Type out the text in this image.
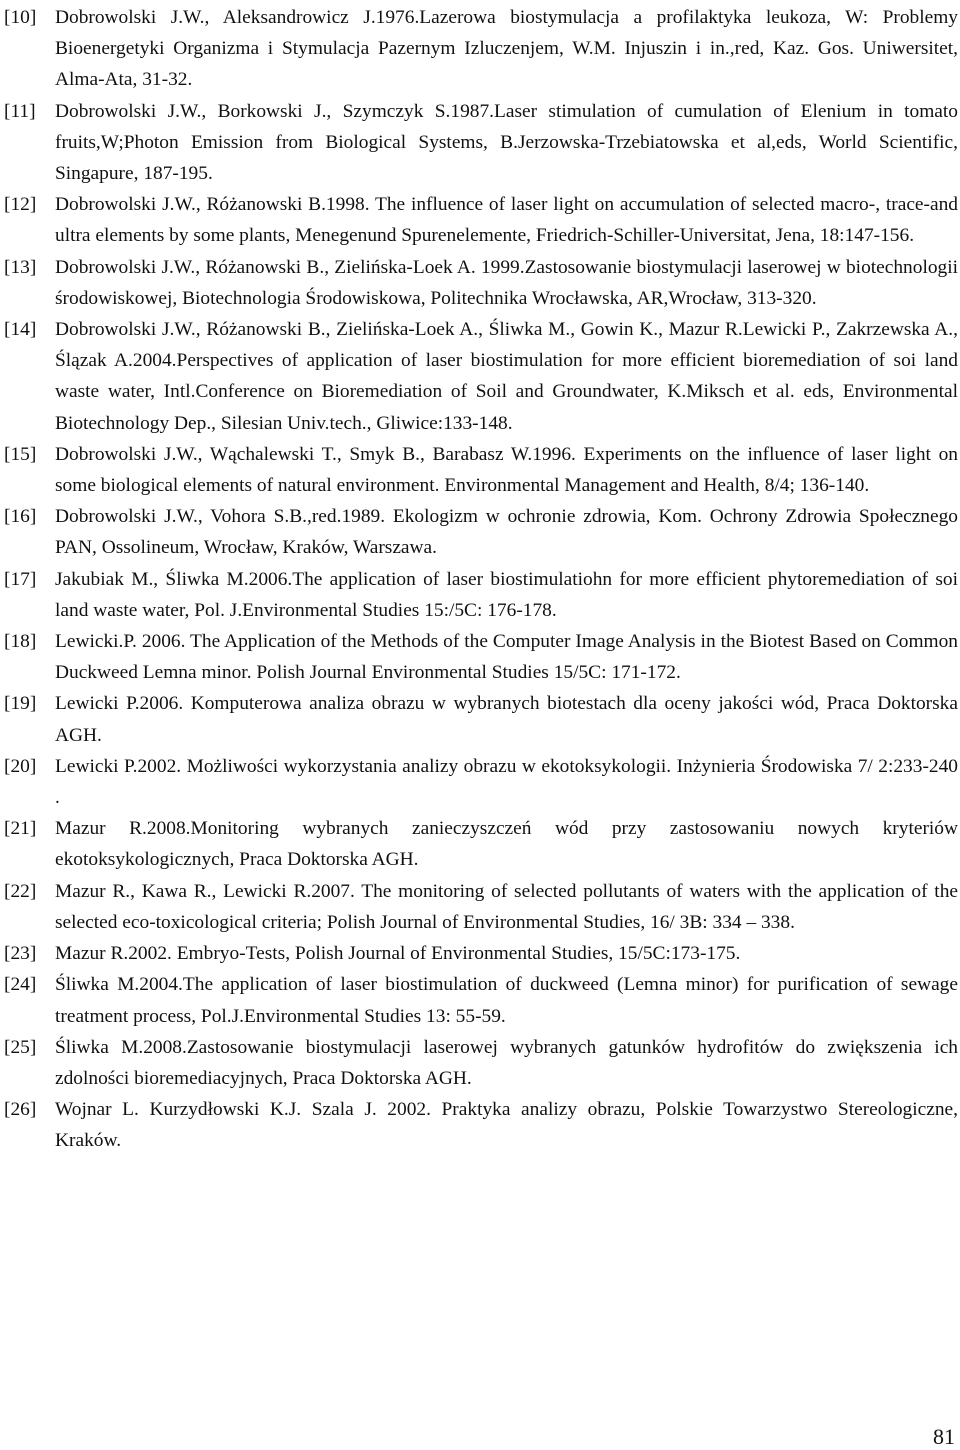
[10] Dobrowolski J.W., Aleksandrowicz J.1976.Lazerowa biostymulacja a profilaktyka leukoza, W: Problemy Bioenergetyki Organizma i Stymulacja Pazernym Izluczenjem, W.M. Injuszin i in.,red, Kaz. Gos. Uniwersitet, Alma-Ata, 31-32.

[11] Dobrowolski J.W., Borkowski J., Szymczyk S.1987.Laser stimulation of cumulation of Elenium in tomato fruits,W;Photon Emission from Biological Systems, B.Jerzowska-Trzebiatowska et al,eds, World Scientific, Singapure, 187-195.

[12] Dobrowolski J.W., Różanowski B.1998. The influence of laser light on accumulation of selected macro-, trace-and ultra elements by some plants, Menegenund Spurenelemente, Friedrich-Schiller-Universitat, Jena, 18:147-156.

[13] Dobrowolski J.W., Różanowski B., Zielińska-Loek A. 1999.Zastosowanie biostymulacji laserowej w biotechnologii środowiskowej, Biotechnologia Środowiskowa, Politechnika Wrocławska, AR,Wrocław, 313-320.

[14] Dobrowolski J.W., Różanowski B., Zielińska-Loek A., Śliwka M., Gowin K., Mazur R.Lewicki P., Zakrzewska A., Ślązak A.2004.Perspectives of application of laser biostimulation for more efficient bioremediation of soi land waste water, Intl.Conference on Bioremediation of Soil and Groundwater, K.Miksch et al. eds, Environmental Biotechnology Dep., Silesian Univ.tech., Gliwice:133-148.

[15] Dobrowolski J.W., Wąchalewski T., Smyk B., Barabasz W.1996. Experiments on the influence of laser light on some biological elements of natural environment. Environmental Management and Health, 8/4; 136-140.

[16] Dobrowolski J.W., Vohora S.B.,red.1989. Ekologizm w ochronie zdrowia, Kom. Ochrony Zdrowia Społecznego PAN, Ossolineum, Wrocław, Kraków, Warszawa.

[17] Jakubiak M., Śliwka M.2006.The application of laser biostimulatiohn for more efficient phytoremediation of soi land waste water, Pol. J.Environmental Studies 15:/5C: 176-178.

[18] Lewicki.P. 2006. The Application of the Methods of the Computer Image Analysis in the Biotest Based on Common Duckweed Lemna minor. Polish Journal Environmental Studies 15/5C: 171-172.

[19] Lewicki P.2006. Komputerowa analiza obrazu w wybranych biotestach dla oceny jakości wód, Praca Doktorska AGH.

[20] Lewicki P.2002. Możliwości wykorzystania analizy obrazu w ekotoksykologii. Inżynieria Środowiska 7/ 2:233-240 .

[21] Mazur R.2008.Monitoring wybranych zanieczyszczeń wód przy zastosowaniu nowych kryteriów ekotoksykologicznych, Praca Doktorska AGH.

[22] Mazur R., Kawa R., Lewicki R.2007. The monitoring of selected pollutants of waters with the application of the selected eco-toxicological criteria; Polish Journal of Environmental Studies, 16/ 3B: 334 – 338.

[23] Mazur R.2002. Embryo-Tests, Polish Journal of Environmental Studies, 15/5C:173-175.

[24] Śliwka M.2004.The application of laser biostimulation of duckweed (Lemna minor) for purification of sewage treatment process, Pol.J.Environmental Studies 13: 55-59.

[25] Śliwka M.2008.Zastosowanie biostymulacji laserowej wybranych gatunków hydrofitów do zwiększenia ich zdolności bioremediacyjnych, Praca Doktorska AGH.

[26] Wojnar L. Kurzydłowski K.J. Szala J. 2002. Praktyka analizy obrazu, Polskie Towarzystwo Stereologiczne, Kraków.

81
